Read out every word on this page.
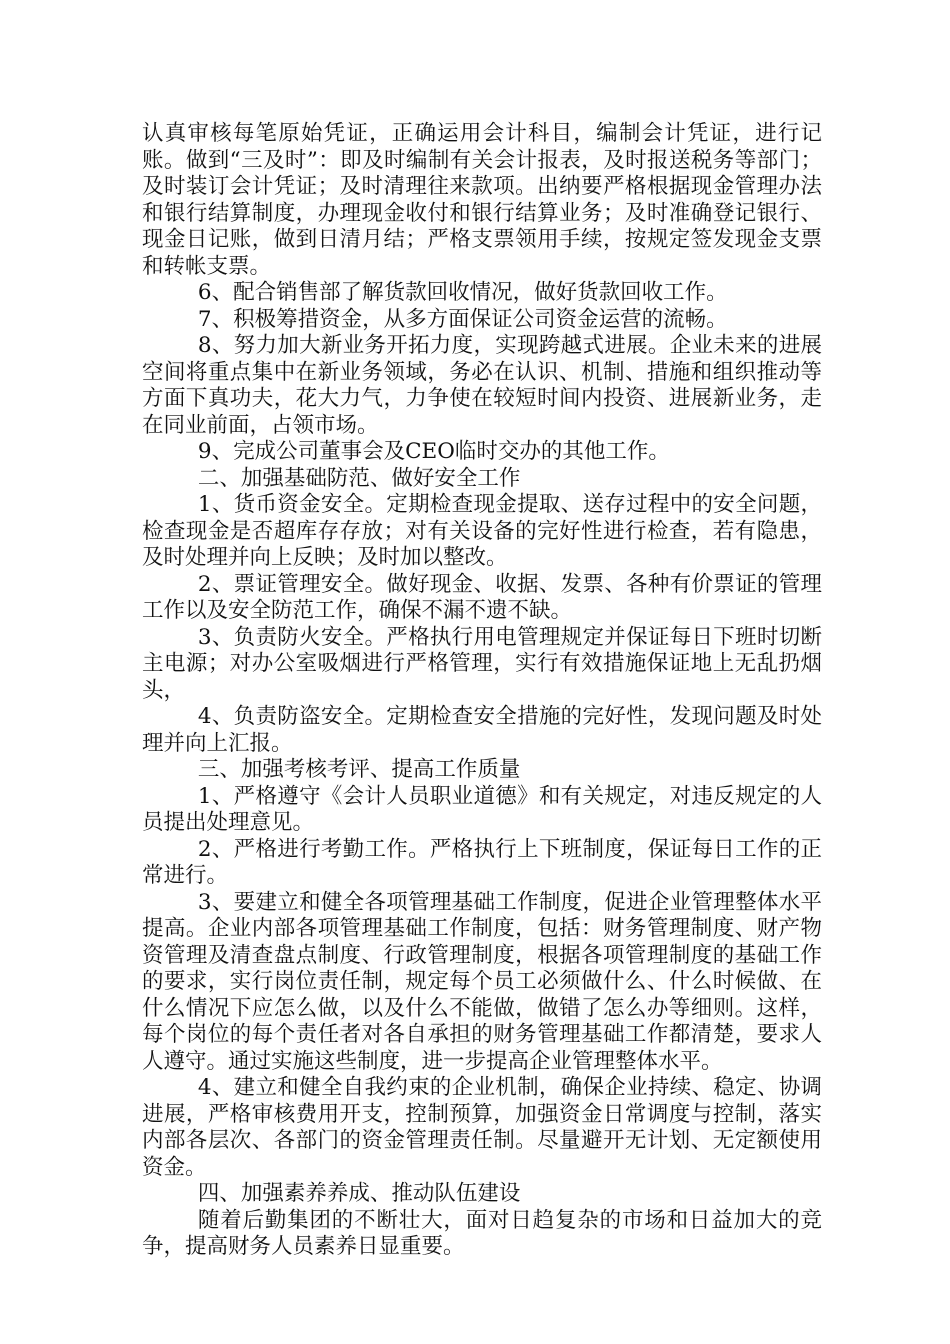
认真审核每笔原始凭证，正确运用会计科目，编制会计凭证，进行记账。做到“三及时”：即及时编制有关会计报表，及时报送税务等部门；及时装订会计凭证；及时清理往来款项。出纳要严格根据现金管理办法和银行结算制度，办理现金收付和银行结算业务；及时准确登记银行、现金日记账，做到日清月结；严格支票领用手续，按规定签发现金支票和转帐支票。

6、配合销售部了解货款回收情况，做好货款回收工作。

7、积极筹措资金，从多方面保证公司资金运营的流畅。

8、努力加大新业务开拓力度，实现跨越式进展。企业未来的进展空间将重点集中在新业务领域，务必在认识、机制、措施和组织推动等方面下真功夫，花大力气，力争使在较短时间内投资、进展新业务，走在同业前面，占领市场。

9、完成公司董事会及CEO临时交办的其他工作。

二、加强基础防范、做好安全工作

1、货币资金安全。定期检查现金提取、送存过程中的安全问题，检查现金是否超库存存放；对有关设备的完好性进行检查，若有隐患，及时处理并向上反映；及时加以整改。

2、票证管理安全。做好现金、收据、发票、各种有价票证的管理工作以及安全防范工作，确保不漏不遗不缺。

3、负责防火安全。严格执行用电管理规定并保证每日下班时切断主电源；对办公室吸烟进行严格管理，实行有效措施保证地上无乱扔烟头，

4、负责防盗安全。定期检查安全措施的完好性，发现问题及时处理并向上汇报。

三、加强考核考评、提高工作质量

1、严格遵守《会计人员职业道德》和有关规定，对违反规定的人员提出处理意见。

2、严格进行考勤工作。严格执行上下班制度，保证每日工作的正常进行。

3、要建立和健全各项管理基础工作制度，促进企业管理整体水平提高。企业内部各项管理基础工作制度，包括：财务管理制度、财产物资管理及清查盘点制度、行政管理制度，根据各项管理制度的基础工作的要求，实行岗位责任制，规定每个员工必须做什么、什么时候做、在什么情况下应怎么做，以及什么不能做，做错了怎么办等细则。这样，每个岗位的每个责任者对各自承担的财务管理基础工作都清楚，要求人人遵守。通过实施这些制度，进一步提高企业管理整体水平。

4、建立和健全自我约束的企业机制，确保企业持续、稳定、协调进展，严格审核费用开支，控制预算，加强资金日常调度与控制，落实内部各层次、各部门的资金管理责任制。尽量避开无计划、无定额使用资金。

四、加强素养养成、推动队伍建设

随着后勤集团的不断壮大，面对日趋复杂的市场和日益加大的竞争，提高财务人员素养日显重要。
